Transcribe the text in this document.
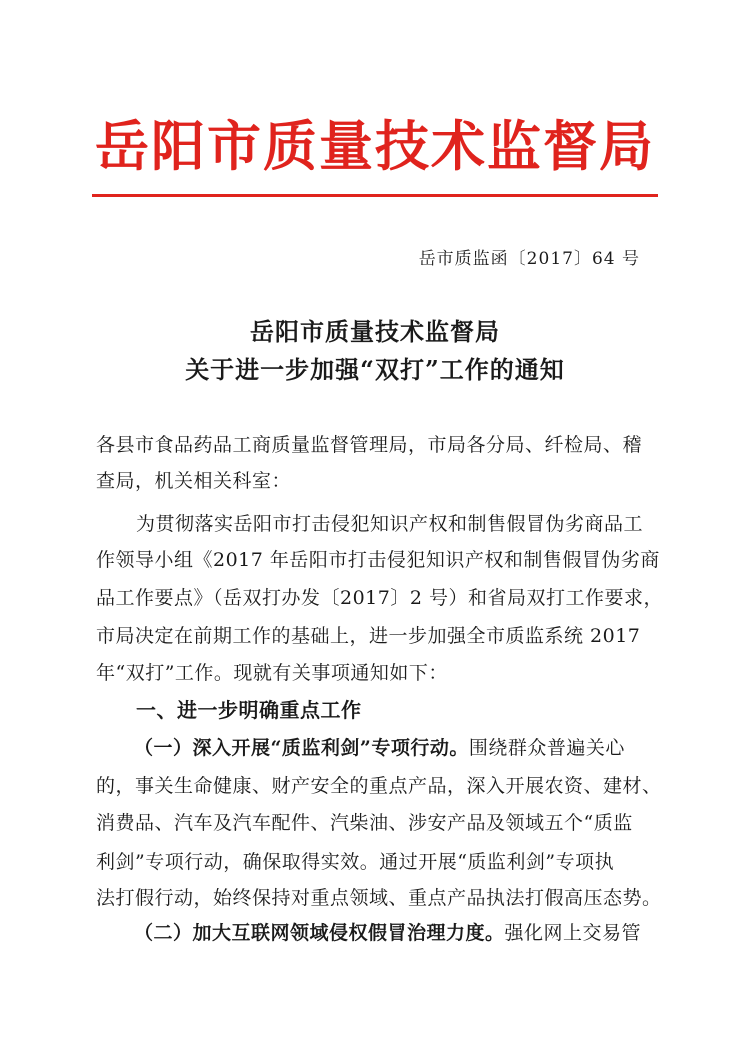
岳阳市质量技术监督局
岳市质监函〔2017〕64 号
岳阳市质量技术监督局
关于进一步加强“双打”工作的通知
各县市食品药品工商质量监督管理局，市局各分局、纤检局、稽
查局，机关相关科室：
为贯彻落实岳阳市打击侵犯知识产权和制售假冒伪劣商品工
作领导小组《2017 年岳阳市打击侵犯知识产权和制售假冒伪劣商
品工作要点》（岳双打办发〔2017〕2 号）和省局双打工作要求，
市局决定在前期工作的基础上，进一步加强全市质监系统 2017
年“双打”工作。现就有关事项通知如下：
一、进一步明确重点工作
（一）深入开展“质监利剑”专项行动。围绕群众普遍关心
的，事关生命健康、财产安全的重点产品，深入开展农资、建材、
消费品、汽车及汽车配件、汽柴油、涉安产品及领域五个“质监
利剑”专项行动，确保取得实效。通过开展“质监利剑”专项执
法打假行动，始终保持对重点领域、重点产品执法打假高压态势。
（二）加大互联网领域侵权假冒治理力度。强化网上交易管
